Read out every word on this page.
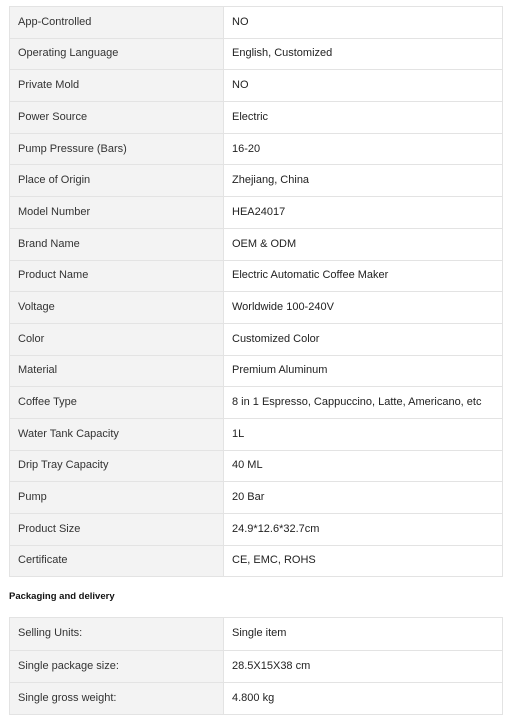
App-Controlled	NO
Operating Language	English, Customized
Private Mold	NO
Power Source	Electric
Pump Pressure (Bars)	16-20
Place of Origin	Zhejiang, China
Model Number	HEA24017
Brand Name	OEM & ODM
Product Name	Electric Automatic Coffee Maker
Voltage	Worldwide 100-240V
Color	Customized Color
Material	Premium Aluminum
Coffee Type	8 in 1 Espresso, Cappuccino, Latte, Americano, etc
Water Tank Capacity	1L
Drip Tray Capacity	40 ML
Pump	20 Bar
Product Size	24.9*12.6*32.7cm
Certificate	CE, EMC, ROHS
Packaging and delivery
Selling Units:	Single item
Single package size:	28.5X15X38 cm
Single gross weight:	4.800 kg
